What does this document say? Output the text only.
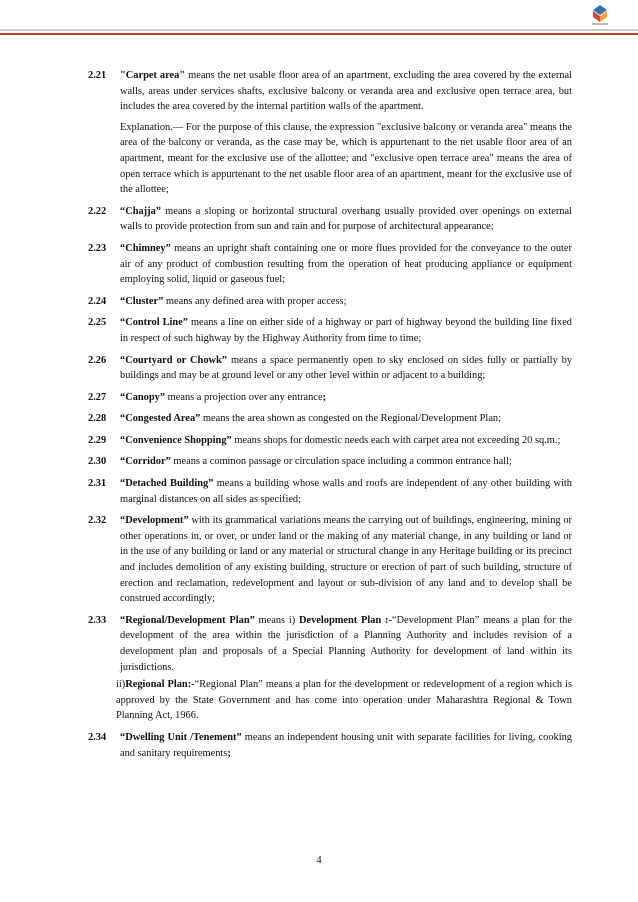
2.21 "Carpet area" means the net usable floor area of an apartment, excluding the area covered by the external walls, areas under services shafts, exclusive balcony or veranda area and exclusive open terrace area, but includes the area covered by the internal partition walls of the apartment.
Explanation.— For the purpose of this clause, the expression "exclusive balcony or veranda area" means the area of the balcony or veranda, as the case may be, which is appurtenant to the net usable floor area of an apartment, meant for the exclusive use of the allottee; and "exclusive open terrace area" means the area of open terrace which is appurtenant to the net usable floor area of an apartment, meant for the exclusive use of the allottee;
2.22 “Chajja” means a sloping or horizontal structural overhang usually provided over openings on external walls to provide protection from sun and rain and for purpose of architectural appearance;
2.23 “Chimney” means an upright shaft containing one or more flues provided for the conveyance to the outer air of any product of combustion resulting from the operation of heat producing appliance or equipment employing solid, liquid or gaseous fuel;
2.24 “Cluster” means any defined area with proper access;
2.25 “Control Line” means a line on either side of a highway or part of highway beyond the building line fixed in respect of such highway by the Highway Authority from time to time;
2.26 “Courtyard or Chowk” means a space permanently open to sky enclosed on sides fully or partially by buildings and may be at ground level or any other level within or adjacent to a building;
2.27 “Canopy” means a projection over any entrance;
2.28 “Congested Area” means the area shown as congested on the Regional/Development Plan;
2.29 “Convenience Shopping” means shops for domestic needs each with carpet area not exceeding 20 sq.m.;
2.30 “Corridor” means a common passage or circulation space including a common entrance hall;
2.31 “Detached Building” means a building whose walls and roofs are independent of any other building with marginal distances on all sides as specified;
2.32 “Development” with its grammatical variations means the carrying out of buildings, engineering, mining or other operations in, or over, or under land or the making of any material change, in any building or land or in the use of any building or land or any material or structural change in any Heritage building or its precinct and includes demolition of any existing building, structure or erection of part of such building, structure of erection and reclamation, redevelopment and layout or sub-division of any land and to develop shall be construed accordingly;
2.33 “Regional/Development Plan” means i) Development Plan :-“Development Plan” means a plan for the development of the area within the jurisdiction of a Planning Authority and includes revision of a development plan and proposals of a Special Planning Authority for development of land within its jurisdictions.
ii)Regional Plan:-“Regional Plan” means a plan for the development or redevelopment of a region which is approved by the State Government and has come into operation under Maharashtra Regional & Town Planning Act, 1966.
2.34 “Dwelling Unit /Tenement” means an independent housing unit with separate facilities for living, cooking and sanitary requirements;
4
